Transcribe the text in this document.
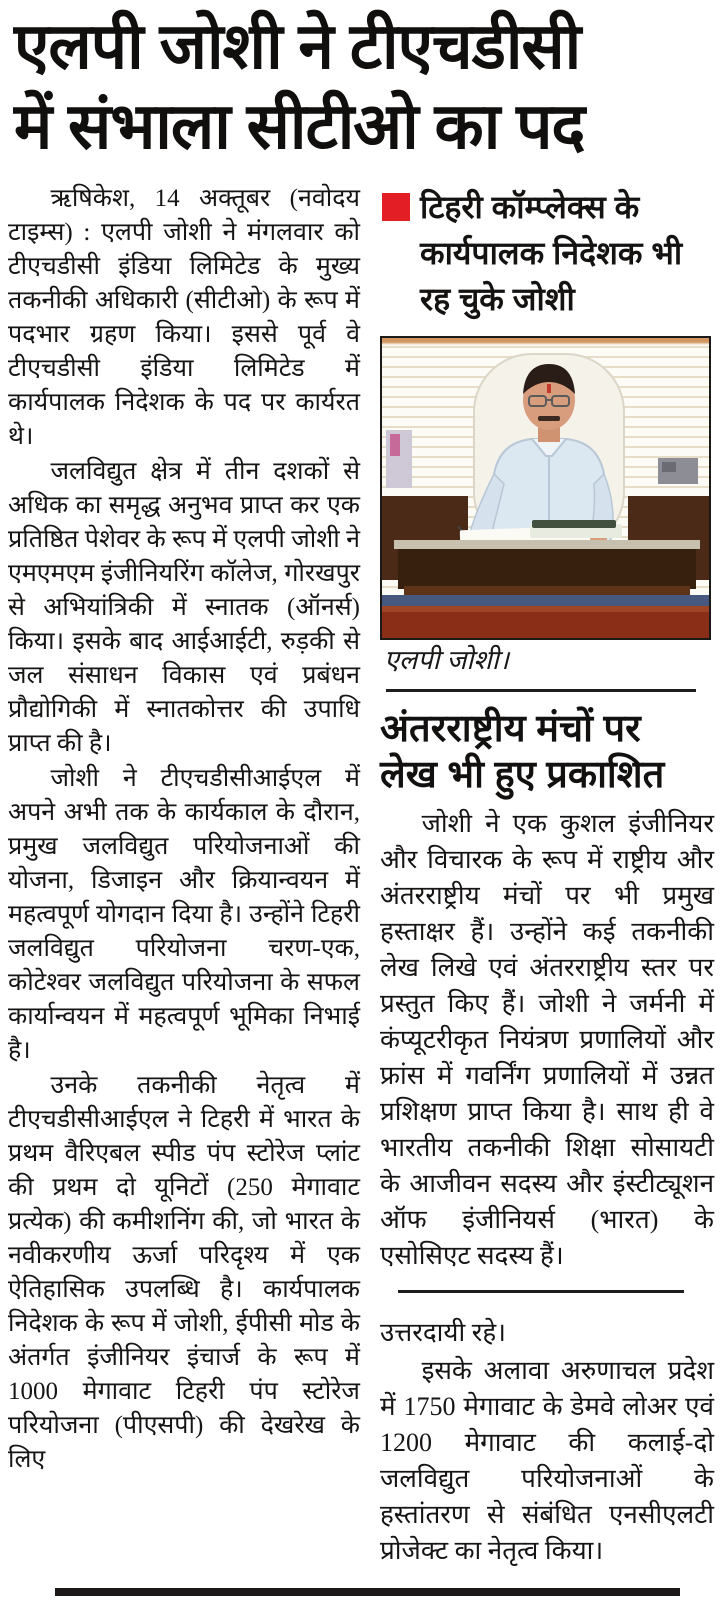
एलपी जोशी ने टीएचडीसी
में संभाला सीटीओ का पद

ऋषिकेश, 14 अक्तूबर (नवोदय टाइम्स) : एलपी जोशी ने मंगलवार को टीएचडीसी इंडिया लिमिटेड के मुख्य तकनीकी अधिकारी (सीटीओ) के रूप में पदभार ग्रहण किया। इससे पूर्व वे टीएचडीसी इंडिया लिमिटेड में कार्यपालक निदेशक के पद पर कार्यरत थे।

जलविद्युत क्षेत्र में तीन दशकों से अधिक का समृद्ध अनुभव प्राप्त कर एक प्रतिष्ठित पेशेवर के रूप में एलपी जोशी ने एमएमएम इंजीनियरिंग कॉलेज, गोरखपुर से अभियांत्रिकी में स्नातक (ऑनर्स) किया। इसके बाद आईआईटी, रुड़की से जल संसाधन विकास एवं प्रबंधन प्रौद्योगिकी में स्नातकोत्तर की उपाधि प्राप्त की है।

जोशी ने टीएचडीसीआईएल में अपने अभी तक के कार्यकाल के दौरान, प्रमुख जलविद्युत परियोजनाओं की योजना, डिजाइन और क्रियान्वयन में महत्वपूर्ण योगदान दिया है। उन्होंने टिहरी जलविद्युत परियोजना चरण-एक, कोटेश्वर जलविद्युत परियोजना के सफल कार्यान्वयन में महत्वपूर्ण भूमिका निभाई है।

उनके तकनीकी नेतृत्व में टीएचडीसीआईएल ने टिहरी में भारत के प्रथम वैरिएबल स्पीड पंप स्टोरेज प्लांट की प्रथम दो यूनिटों (250 मेगावाट प्रत्येक) की कमीशनिंग की, जो भारत के नवीकरणीय ऊर्जा परिदृश्य में एक ऐतिहासिक उपलब्धि है। कार्यपालक निदेशक के रूप में जोशी, ईपीसी मोड के अंतर्गत इंजीनियर इंचार्ज के रूप में 1000 मेगावाट टिहरी पंप स्टोरेज परियोजना (पीएसपी) की देखरेख के लिए

टिहरी कॉम्प्लेक्स के कार्यपालक निदेशक भी रह चुके जोशी
एलपी जोशी।
अंतरराष्ट्रीय मंचों पर
लेख भी हुए प्रकाशित

जोशी ने एक कुशल इंजीनियर और विचारक के रूप में राष्ट्रीय और अंतरराष्ट्रीय मंचों पर भी प्रमुख हस्ताक्षर हैं। उन्होंने कई तकनीकी लेख लिखे एवं अंतरराष्ट्रीय स्तर पर प्रस्तुत किए हैं। जोशी ने जर्मनी में कंप्यूटरीकृत नियंत्रण प्रणालियों और फ्रांस में गवर्निंग प्रणालियों में उन्नत प्रशिक्षण प्राप्त किया है। साथ ही वे भारतीय तकनीकी शिक्षा सोसायटी के आजीवन सदस्य और इंस्टीट्यूशन ऑफ इंजीनियर्स (भारत) के एसोसिएट सदस्य हैं।

उत्तरदायी रहे।

इसके अलावा अरुणाचल प्रदेश में 1750 मेगावाट के डेमवे लोअर एवं 1200 मेगावाट की कलाई-दो जलविद्युत परियोजनाओं के हस्तांतरण से संबंधित एनसीएलटी प्रोजेक्ट का नेतृत्व किया।
